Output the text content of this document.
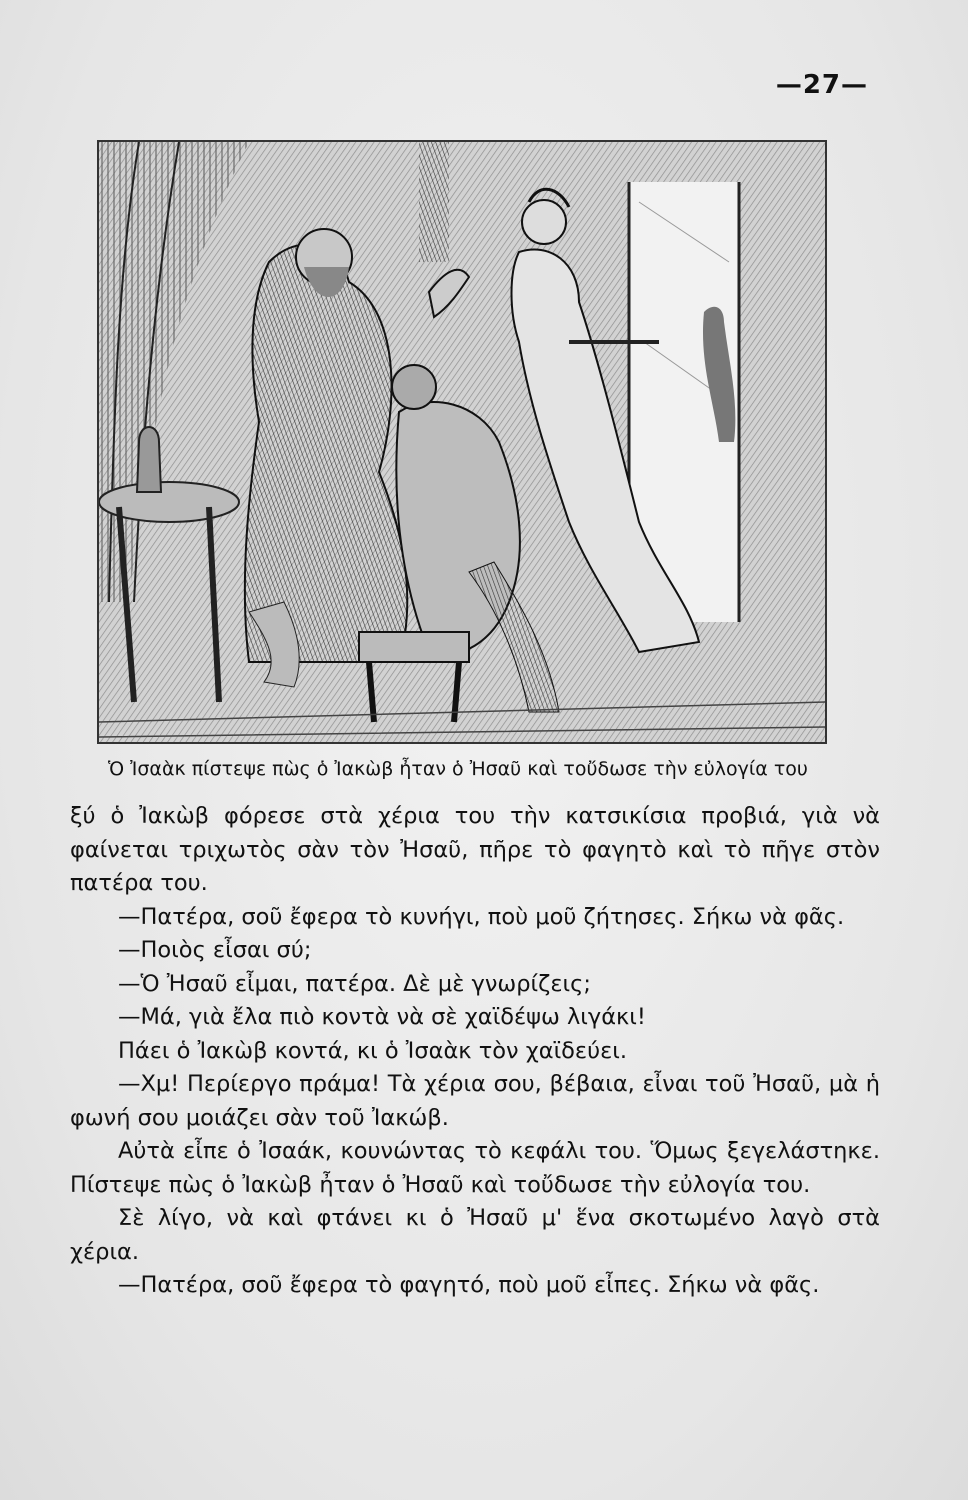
—27—
Ὁ Ἰσαὰκ πίστεψε πὼς ὁ Ἰακὼβ ἦταν ὁ Ἠσαῦ καὶ τοὔδωσε τὴν εὐλογία του

ξύ ὁ Ἰακὼβ φόρεσε στὰ χέρια του τὴν κατσικίσια προβιά, γιὰ νὰ φαίνεται τριχωτὸς σὰν τὸν Ἠσαῦ, πῆρε τὸ φαγητὸ καὶ τὸ πῆγε στὸν πατέρα του.

—Πατέρα, σοῦ ἔφερα τὸ κυνήγι, ποὺ μοῦ ζήτησες. Σήκω νὰ φᾶς.

—Ποιὸς εἶσαι σύ;

—Ὁ Ἠσαῦ εἶμαι, πατέρα. Δὲ μὲ γνωρίζεις;

—Μά, γιὰ ἔλα πιὸ κοντὰ νὰ σὲ χαϊδέψω λιγάκι!

Πάει ὁ Ἰακὼβ κοντά, κι ὁ Ἰσαὰκ τὸν χαϊδεύει.

—Χμ! Περίεργο πράμα! Τὰ χέρια σου, βέβαια, εἶναι τοῦ Ἠσαῦ, μὰ ἡ φωνή σου μοιάζει σὰν τοῦ Ἰακώβ.

Αὐτὰ εἶπε ὁ Ἰσαάκ, κουνώντας τὸ κεφάλι του. Ὅμως ξεγελάστηκε. Πίστεψε πὼς ὁ Ἰακὼβ ἦταν ὁ Ἠσαῦ καὶ τοὔδωσε τὴν εὐλογία του.

Σὲ λίγο, νὰ καὶ φτάνει κι ὁ Ἠσαῦ μ' ἕνα σκοτωμένο λαγὸ στὰ χέρια.

—Πατέρα, σοῦ ἔφερα τὸ φαγητό, ποὺ μοῦ εἶπες. Σήκω νὰ φᾶς.
